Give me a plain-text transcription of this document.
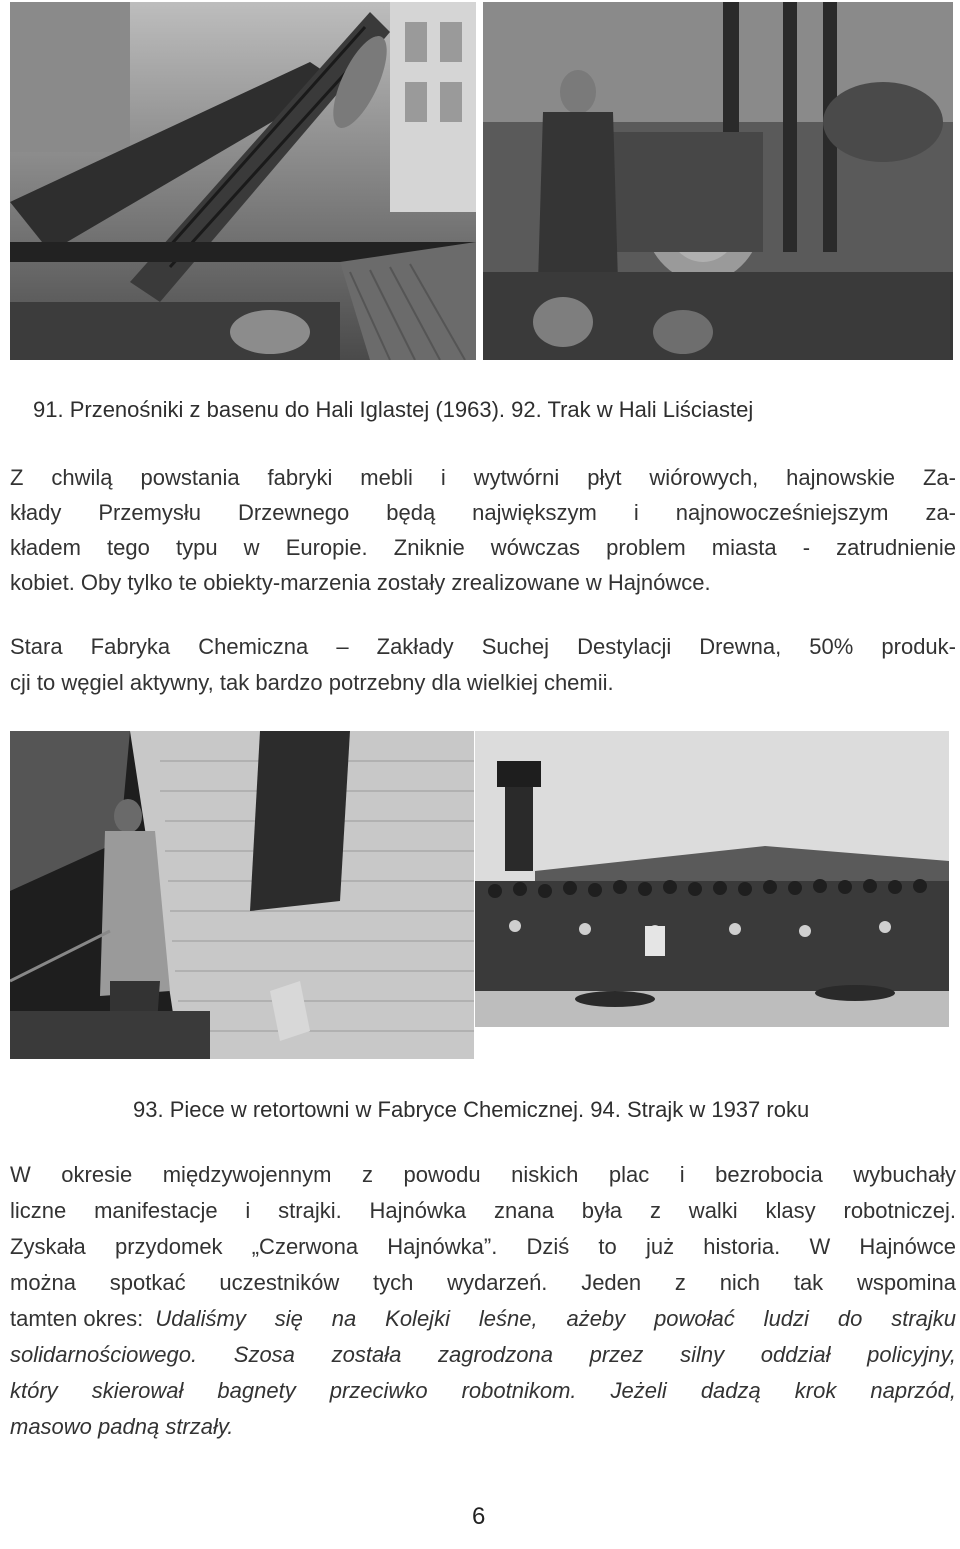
91. Przenośniki z basenu do Hali Iglastej (1963). 92. Trak w Hali Liściastej
Z chwilą powstania fabryki mebli i wytwórni płyt wiórowych, hajnowskie Za-
kłady Przemysłu Drzewnego będą największym i najnowocześniejszym za-
kładem tego typu w Europie. Zniknie wówczas problem miasta - zatrudnienie
kobiet. Oby tylko te obiekty-marzenia zostały zrealizowane w Hajnówce.
Stara Fabryka Chemiczna – Zakłady Suchej Destylacji Drewna, 50% produk-
cji to węgiel aktywny, tak bardzo potrzebny dla wielkiej chemii.
93. Piece w retortowni w Fabryce Chemicznej. 94. Strajk w 1937 roku
W okresie międzywojennym z powodu niskich plac i bezrobocia wybuchały
liczne manifestacje i strajki. Hajnówka znana była z walki klasy robotniczej.
Zyskała przydomek „Czerwona Hajnówka”. Dziś to już historia. W Hajnówce
można spotkać uczestników tych wydarzeń. Jeden z nich tak wspomina
tamten okres: Udaliśmy się na Kolejki leśne, ażeby powołać ludzi do strajku
solidarnościowego. Szosa została zagrodzona przez silny oddział policyjny,
który skierował bagnety przeciwko robotnikom. Jeżeli dadzą krok naprzód,
masowo padną strzały.
6
